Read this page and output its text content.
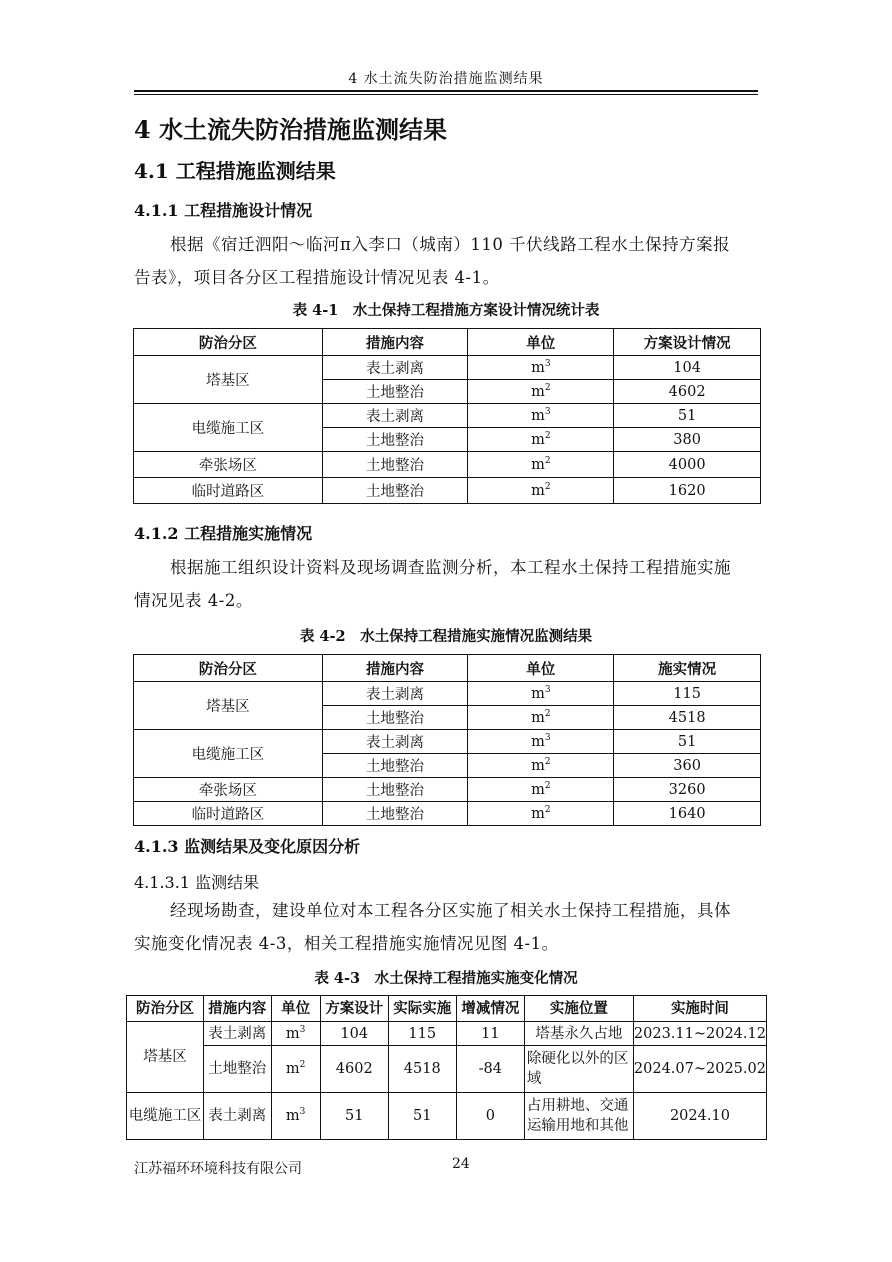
4 水土流失防治措施监测结果
4 水土流失防治措施监测结果
4.1 工程措施监测结果
4.1.1 工程措施设计情况

根据《宿迁泗阳～临河π入李口（城南）110 千伏线路工程水土保持方案报

告表》，项目各分区工程措施设计情况见表 4-1。

表 4-1　水土保持工程措施方案设计情况统计表
防治分区	措施内容	单位	方案设计情况
塔基区	表土剥离	$m^3$	104
	土地整治	$m^2$	4602
电缆施工区	表土剥离	$m^3$	51
	土地整治	$m^2$	380
牵张场区	土地整治	$m^2$	4000
临时道路区	土地整治	$m^2$	1620
4.1.2 工程措施实施情况

根据施工组织设计资料及现场调查监测分析，本工程水土保持工程措施实施

情况见表 4-2。

表 4-2　水土保持工程措施实施情况监测结果
防治分区	措施内容	单位	施实情况
塔基区	表土剥离	$m^3$	115
	土地整治	$m^2$	4518
电缆施工区	表土剥离	$m^3$	51
	土地整治	$m^2$	360
牵张场区	土地整治	$m^2$	3260
临时道路区	土地整治	$m^2$	1640
4.1.3 监测结果及变化原因分析
4.1.3.1 监测结果

经现场勘查，建设单位对本工程各分区实施了相关水土保持工程措施，具体

实施变化情况表 4-3，相关工程措施实施情况见图 4-1。

表 4-3　水土保持工程措施实施变化情况
防治分区	措施内容	单位	方案设计	实际实施	增减情况	实施位置	实施时间
塔基区	表土剥离	$m^3$	104	115	11	塔基永久占地	2023.11~2024.12
	土地整治	$m^2$	4602	4518	-84	除硬化以外的区域	2024.07~2025.02
电缆施工区	表土剥离	$m^3$	51	51	0	占用耕地、交通运输用地和其他	2024.10
江苏福环环境科技有限公司	24
